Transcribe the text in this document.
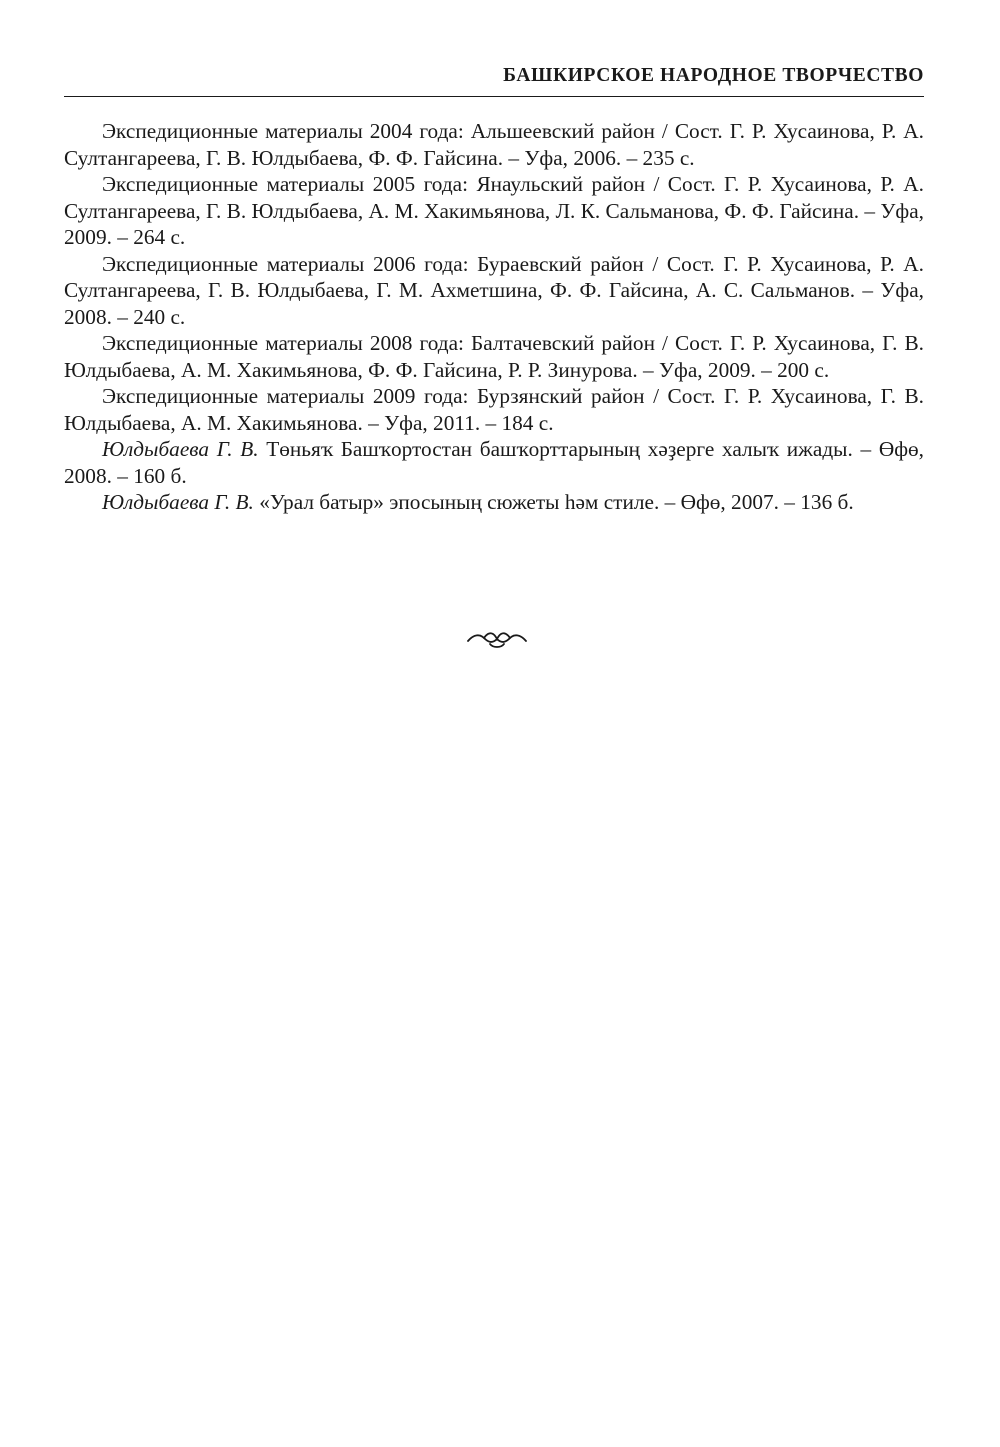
БАШКИРСКОЕ НАРОДНОЕ ТВОРЧЕСТВО

Экспедиционные материалы 2004 года: Альшеевский район / Сост. Г. Р. Хусаинова, Р. А. Султангареева, Г. В. Юлдыбаева, Ф. Ф. Гайсина. – Уфа, 2006. – 235 с.

Экспедиционные материалы 2005 года: Янаульский район / Сост. Г. Р. Хусаинова, Р. А. Султангареева, Г. В. Юлдыбаева, А. М. Хакимьянова, Л. К. Сальманова, Ф. Ф. Гайсина. – Уфа, 2009. – 264 с.

Экспедиционные материалы 2006 года: Бураевский район / Сост. Г. Р. Хусаинова, Р. А. Султангареева, Г. В. Юлдыбаева, Г. М. Ахметшина, Ф. Ф. Гайсина, А. С. Сальманов. – Уфа, 2008. – 240 с.

Экспедиционные материалы 2008 года: Балтачевский район / Сост. Г. Р. Хусаинова, Г. В. Юлдыбаева, А. М. Хакимьянова, Ф. Ф. Гайсина, Р. Р. Зинурова. – Уфа, 2009. – 200 с.

Экспедиционные материалы 2009 года: Бурзянский район / Сост. Г. Р. Хусаинова, Г. В. Юлдыбаева, А. М. Хакимьянова. – Уфа, 2011. – 184 с.

Юлдыбаева Г. В. Төньяҡ Башҡортостан башҡорттарының хәҙерге халыҡ ижады. – Өфө, 2008. – 160 б.

Юлдыбаева Г. В. «Урал батыр» эпосының сюжеты һәм стиле. – Өфө, 2007. – 136 б.
